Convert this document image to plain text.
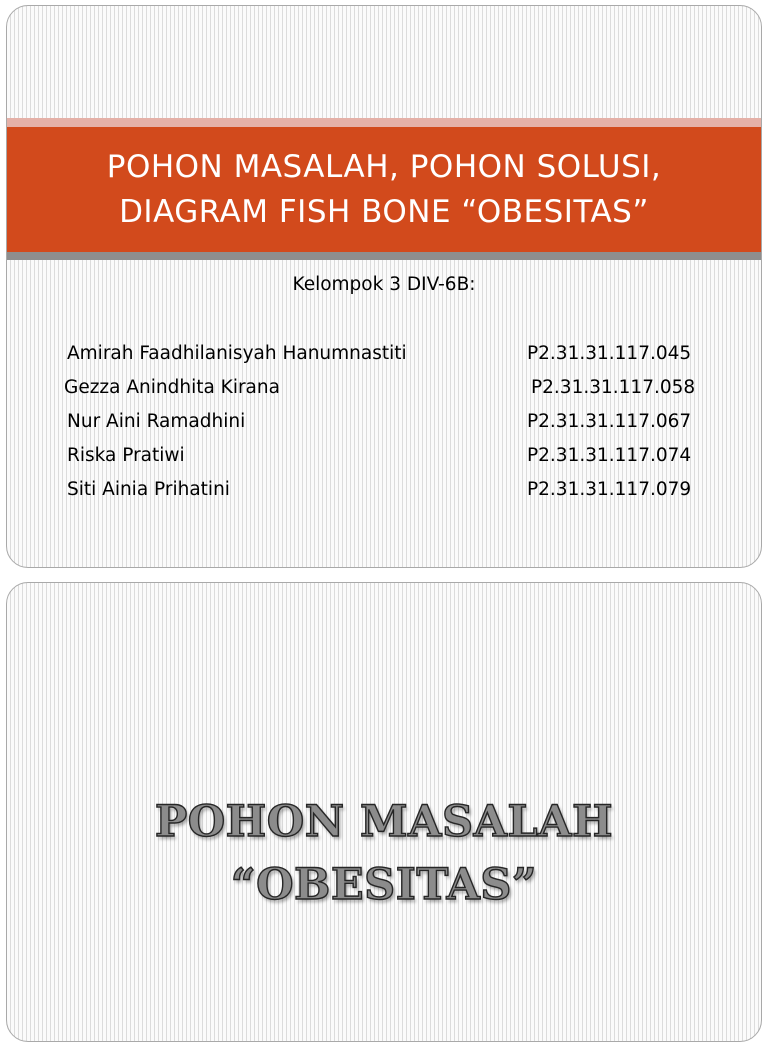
POHON MASALAH, POHON SOLUSI,
DIAGRAM FISH BONE “OBESITAS”
Kelompok 3 DIV-6B:
Amirah Faadhilanisyah Hanumnastiti	P2.31.31.117.045
Gezza Anindhita Kirana	P2.31.31.117.058
Nur Aini Ramadhini	P2.31.31.117.067
Riska Pratiwi	P2.31.31.117.074
Siti Ainia Prihatini	P2.31.31.117.079
POHON MASALAH
“OBESITAS”
